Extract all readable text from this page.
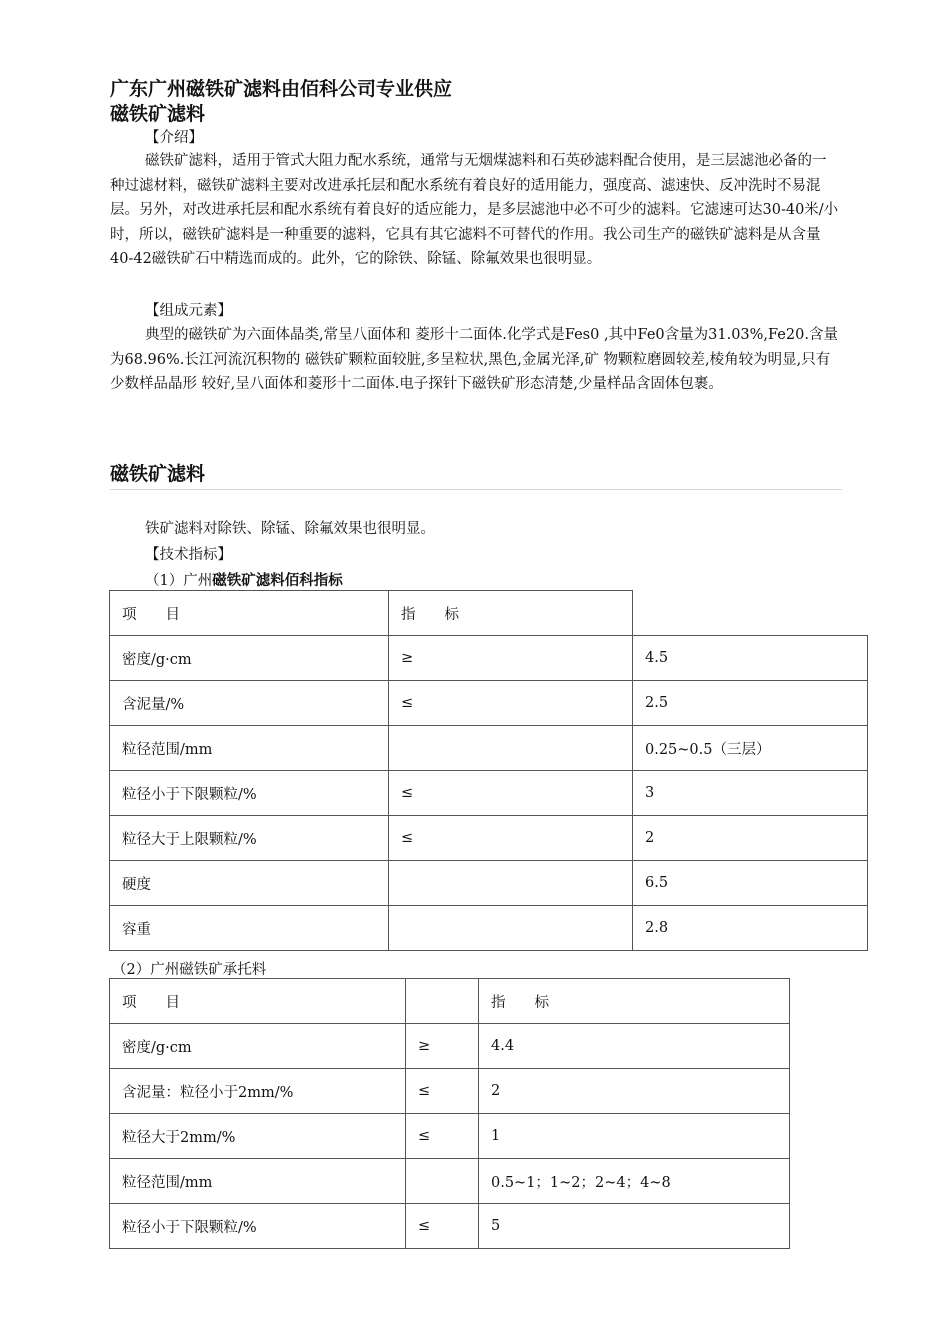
广东广州磁铁矿滤料由佰科公司专业供应
磁铁矿滤料
【介绍】
磁铁矿滤料，适用于管式大阻力配水系统，通常与无烟煤滤料和石英砂滤料配合使用，是三层滤池必备的一种过滤材料，磁铁矿滤料主要对改进承托层和配水系统有着良好的适用能力，强度高、滤速快、反冲洗时不易混层。另外，对改进承托层和配水系统有着良好的适应能力，是多层滤池中必不可少的滤料。它滤速可达30-40米/小时，所以，磁铁矿滤料是一种重要的滤料，它具有其它滤料不可替代的作用。我公司生产的磁铁矿滤料是从含量40-42磁铁矿石中精选而成的。此外，它的除铁、除锰、除氟效果也很明显。
【组成元素】
典型的磁铁矿为六面体晶类,常呈八面体和 菱形十二面体.化学式是Fes0 ,其中Fe0含量为31.03%,Fe20.含量为68.96%.长江河流沉积物的 磁铁矿颗粒面较脏,多呈粒状,黑色,金属光泽,矿 物颗粒磨圆较差,棱角较为明显,只有少数样品晶形 较好,呈八面体和菱形十二面体.电子探针下磁铁矿形态清楚,少量样品含固体包裹。
磁铁矿滤料
铁矿滤料对除铁、除锰、除氟效果也很明显。
【技术指标】
（1）广州磁铁矿滤料佰科指标
项　　目	指　　标	
密度/g·cm	≥	4.5
含泥量/%	≤	2.5
粒径范围/mm		0.25~0.5（三层）
粒径小于下限颗粒/%	≤	3
粒径大于上限颗粒/%	≤	2
硬度		6.5
容重		2.8
（2）广州磁铁矿承托料
项　　目		指　　标
密度/g·cm	≥	4.4
含泥量：粒径小于2mm/%	≤	2
粒径大于2mm/%	≤	1
粒径范围/mm		0.5~1；1~2；2~4；4~8
粒径小于下限颗粒/%	≤	5
